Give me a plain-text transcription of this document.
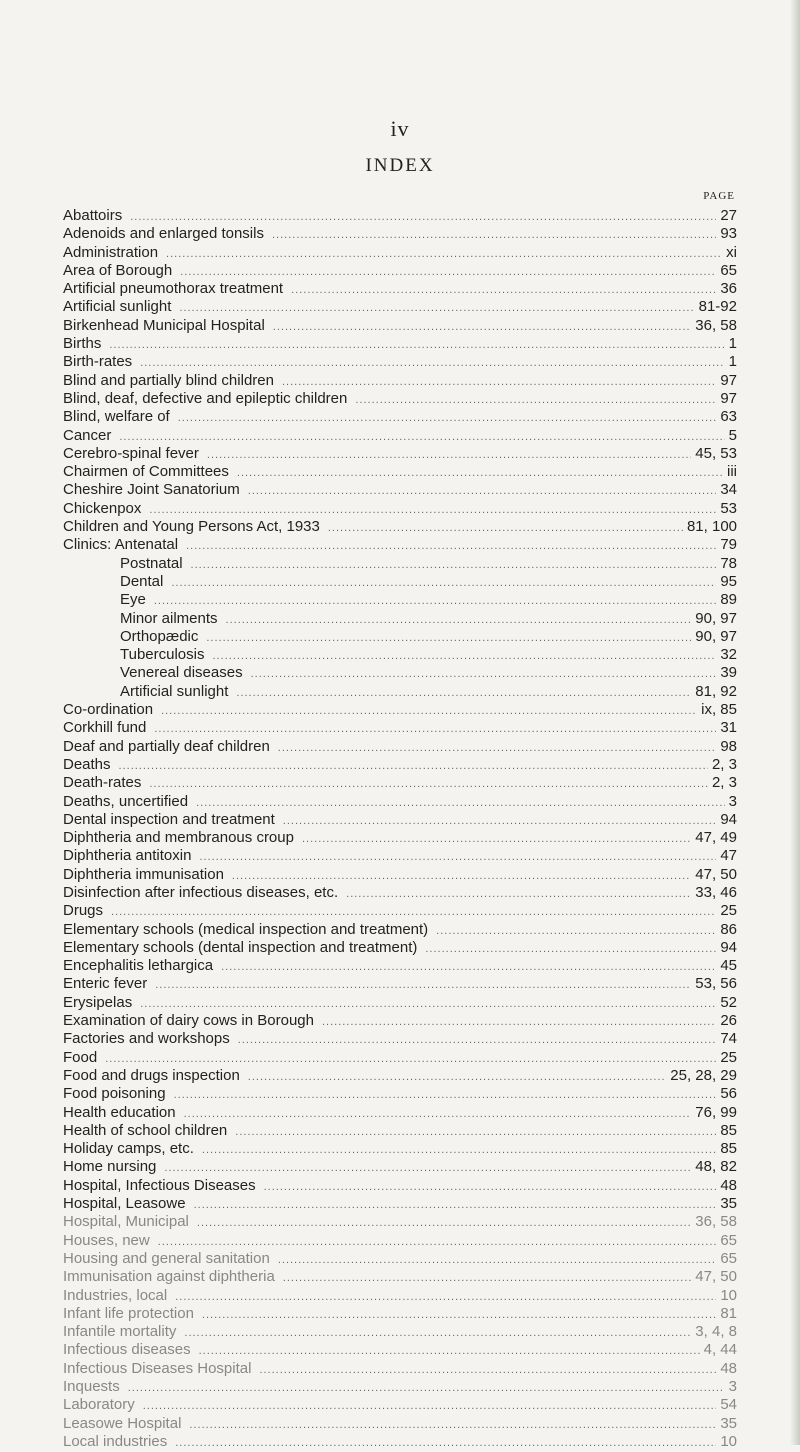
iv
INDEX
PAGE
Abattoirs .....	27
Adenoids and enlarged tonsils .....	93
Administration .....	xi
Area of Borough .....	65
Artificial pneumothorax treatment .....	36
Artificial sunlight .....	81-92
Birkenhead Municipal Hospital .....	36, 58
Births .....	1
Birth-rates .....	1
Blind and partially blind children .....	97
Blind, deaf, defective and epileptic children .....	97
Blind, welfare of .....	63
Cancer .....	5
Cerebro-spinal fever .....	45, 53
Chairmen of Committees .....	iii
Cheshire Joint Sanatorium .....	34
Chickenpox .....	53
Children and Young Persons Act, 1933 .....	81, 100
Clinics: Antenatal .....	79
Postnatal .....	78
Dental .....	95
Eye .....	89
Minor ailments .....	90, 97
Orthopædic .....	90, 97
Tuberculosis .....	32
Venereal diseases .....	39
Artificial sunlight .....	81, 92
Co-ordination .....	ix, 85
Corkhill fund .....	31
Deaf and partially deaf children .....	98
Deaths .....	2, 3
Death-rates .....	2, 3
Deaths, uncertified .....	3
Dental inspection and treatment .....	94
Diphtheria and membranous croup .....	47, 49
Diphtheria antitoxin .....	47
Diphtheria immunisation .....	47, 50
Disinfection after infectious diseases, etc. .....	33, 46
Drugs .....	25
Elementary schools (medical inspection and treatment) .....	86
Elementary schools (dental inspection and treatment) .....	94
Encephalitis lethargica .....	45
Enteric fever .....	53, 56
Erysipelas .....	52
Examination of dairy cows in Borough .....	26
Factories and workshops .....	74
Food .....	25
Food and drugs inspection .....	25, 28, 29
Food poisoning .....	56
Health education .....	76, 99
Health of school children .....	85
Holiday camps, etc. .....	85
Home nursing .....	48, 82
Hospital, Infectious Diseases .....	48
Hospital, Leasowe .....	35
Hospital, Municipal .....	36, 58
Houses, new .....	65
Housing and general sanitation .....	65
Immunisation against diphtheria .....	47, 50
Industries, local .....	10
Infant life protection .....	81
Infantile mortality .....	3, 4, 8
Infectious diseases .....	4, 44
Infectious Diseases Hospital .....	48
Inquests .....	3
Laboratory .....	54
Leasowe Hospital .....	35
Local industries .....	10
